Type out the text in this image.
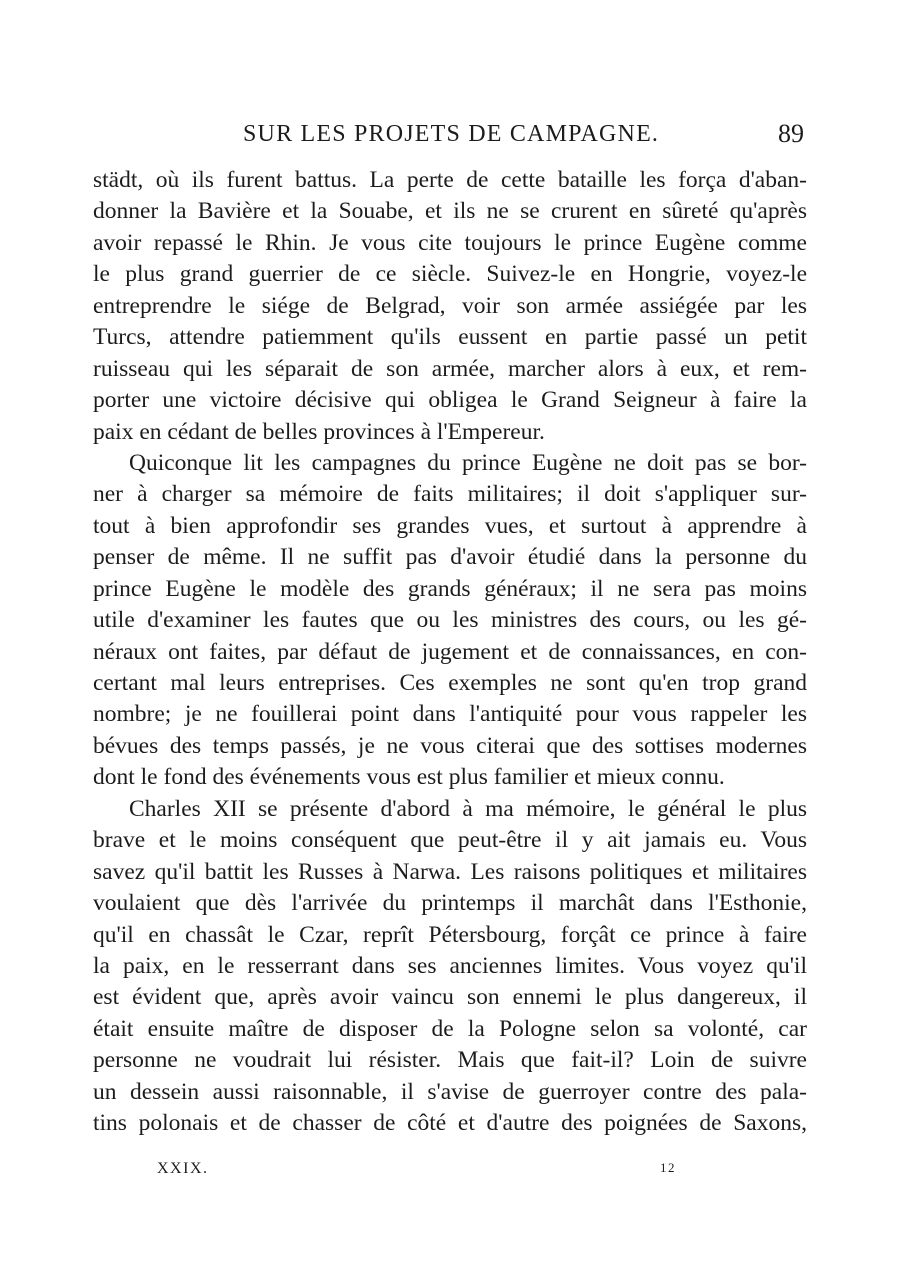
SUR LES PROJETS DE CAMPAGNE.	89
städt, où ils furent battus. La perte de cette bataille les força d'aban-
donner la Bavière et la Souabe, et ils ne se crurent en sûreté qu'après
avoir repassé le Rhin. Je vous cite toujours le prince Eugène comme
le plus grand guerrier de ce siècle. Suivez-le en Hongrie, voyez-le
entreprendre le siége de Belgrad, voir son armée assiégée par les
Turcs, attendre patiemment qu'ils eussent en partie passé un petit
ruisseau qui les séparait de son armée, marcher alors à eux, et rem-
porter une victoire décisive qui obligea le Grand Seigneur à faire la
paix en cédant de belles provinces à l'Empereur.
Quiconque lit les campagnes du prince Eugène ne doit pas se bor-
ner à charger sa mémoire de faits militaires; il doit s'appliquer sur-
tout à bien approfondir ses grandes vues, et surtout à apprendre à
penser de même. Il ne suffit pas d'avoir étudié dans la personne du
prince Eugène le modèle des grands généraux; il ne sera pas moins
utile d'examiner les fautes que ou les ministres des cours, ou les gé-
néraux ont faites, par défaut de jugement et de connaissances, en con-
certant mal leurs entreprises. Ces exemples ne sont qu'en trop grand
nombre; je ne fouillerai point dans l'antiquité pour vous rappeler les
bévues des temps passés, je ne vous citerai que des sottises modernes
dont le fond des événements vous est plus familier et mieux connu.
Charles XII se présente d'abord à ma mémoire, le général le plus
brave et le moins conséquent que peut-être il y ait jamais eu. Vous
savez qu'il battit les Russes à Narwa. Les raisons politiques et militaires
voulaient que dès l'arrivée du printemps il marchât dans l'Esthonie,
qu'il en chassât le Czar, reprît Pétersbourg, forçât ce prince à faire
la paix, en le resserrant dans ses anciennes limites. Vous voyez qu'il
est évident que, après avoir vaincu son ennemi le plus dangereux, il
était ensuite maître de disposer de la Pologne selon sa volonté, car
personne ne voudrait lui résister. Mais que fait-il? Loin de suivre
un dessein aussi raisonnable, il s'avise de guerroyer contre des pala-
tins polonais et de chasser de côté et d'autre des poignées de Saxons,
XXIX.	12
